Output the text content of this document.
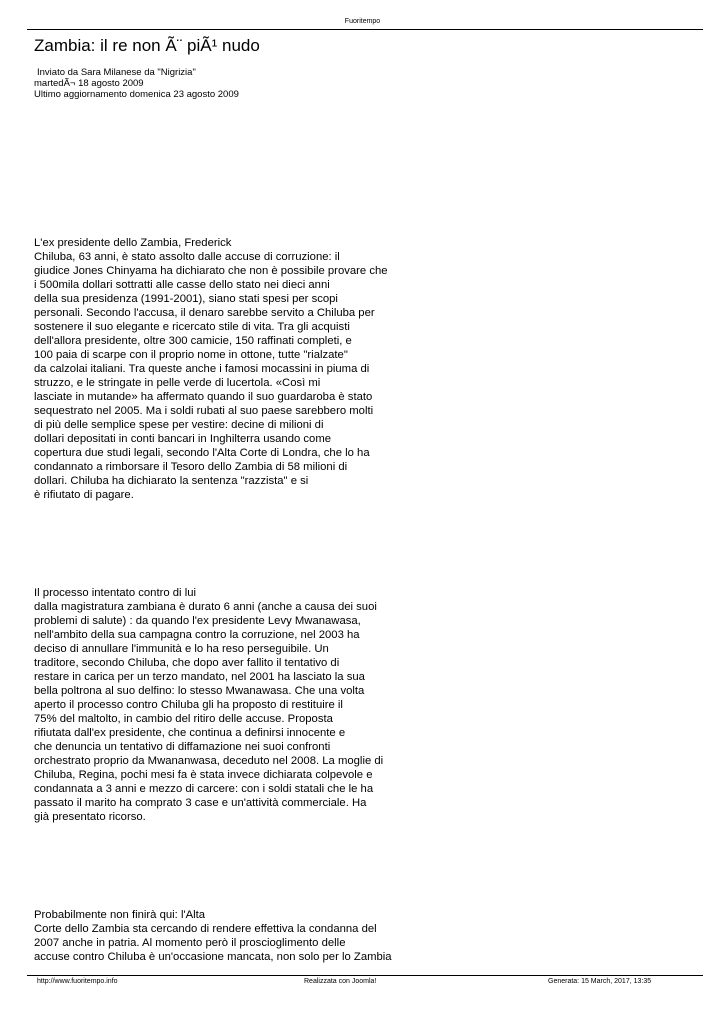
Fuoritempo
Zambia: il re non Ã¨ piÃ¹ nudo
Inviato da Sara Milanese da "Nigrizia"
martedÃ¬ 18 agosto 2009
Ultimo aggiornamento domenica 23 agosto 2009

L'ex presidente dello Zambia, Frederick
Chiluba, 63 anni, è stato assolto dalle accuse di corruzione: il
giudice Jones Chinyama ha dichiarato che non è possibile provare che
i 500mila dollari sottratti alle casse dello stato nei dieci anni
della sua presidenza (1991-2001), siano stati spesi per scopi
personali. Secondo l'accusa, il denaro sarebbe servito a Chiluba per
sostenere il suo elegante e ricercato stile di vita. Tra gli acquisti
dell'allora presidente, oltre 300 camicie, 150 raffinati completi, e
100 paia di scarpe con il proprio nome in ottone, tutte "rialzate"
da calzolai italiani. Tra queste anche i famosi mocassini in piuma di
struzzo, e le stringate in pelle verde di lucertola. «Così mi
lasciate in mutande» ha affermato quando il suo guardaroba è stato
sequestrato nel 2005. Ma i soldi rubati al suo paese sarebbero molti
di più delle semplice spese per vestire: decine di milioni di
dollari depositati in conti bancari in Inghilterra usando come
copertura due studi legali, secondo l'Alta Corte di Londra, che lo ha
condannato a rimborsare il Tesoro dello Zambia di 58 milioni di
dollari. Chiluba ha dichiarato la sentenza "razzista" e si
è rifiutato di pagare.

Il processo intentato contro di lui
dalla magistratura zambiana è durato 6 anni (anche a causa dei suoi
problemi di salute) : da quando l'ex presidente Levy Mwanawasa,
nell'ambito della sua campagna contro la corruzione, nel 2003 ha
deciso di annullare l'immunità e lo ha reso perseguibile. Un
traditore, secondo Chiluba, che dopo aver fallito il tentativo di
restare in carica per un terzo mandato, nel 2001 ha lasciato la sua
bella poltrona al suo delfino: lo stesso Mwanawasa. Che una volta
aperto il processo contro Chiluba gli ha proposto di restituire il
75% del maltolto, in cambio del ritiro delle accuse. Proposta
rifiutata dall'ex presidente, che continua a definirsi innocente e
che denuncia un tentativo di diffamazione nei suoi confronti
orchestrato proprio da Mwananwasa, deceduto nel 2008. La moglie di
Chiluba, Regina, pochi mesi fa è stata invece dichiarata colpevole e
condannata a 3 anni e mezzo di carcere: con i soldi statali che le ha
passato il marito ha comprato 3 case e un'attività commerciale. Ha
già presentato ricorso.

Probabilmente non finirà qui: l'Alta
Corte dello Zambia sta cercando di rendere effettiva la condanna del
2007 anche in patria. Al momento però il proscioglimento delle
accuse contro Chiluba è un'occasione mancata, non solo per lo Zambia

http://www.fuoritempo.info	Realizzata con Joomla!	Generata: 15 March, 2017, 13:35
